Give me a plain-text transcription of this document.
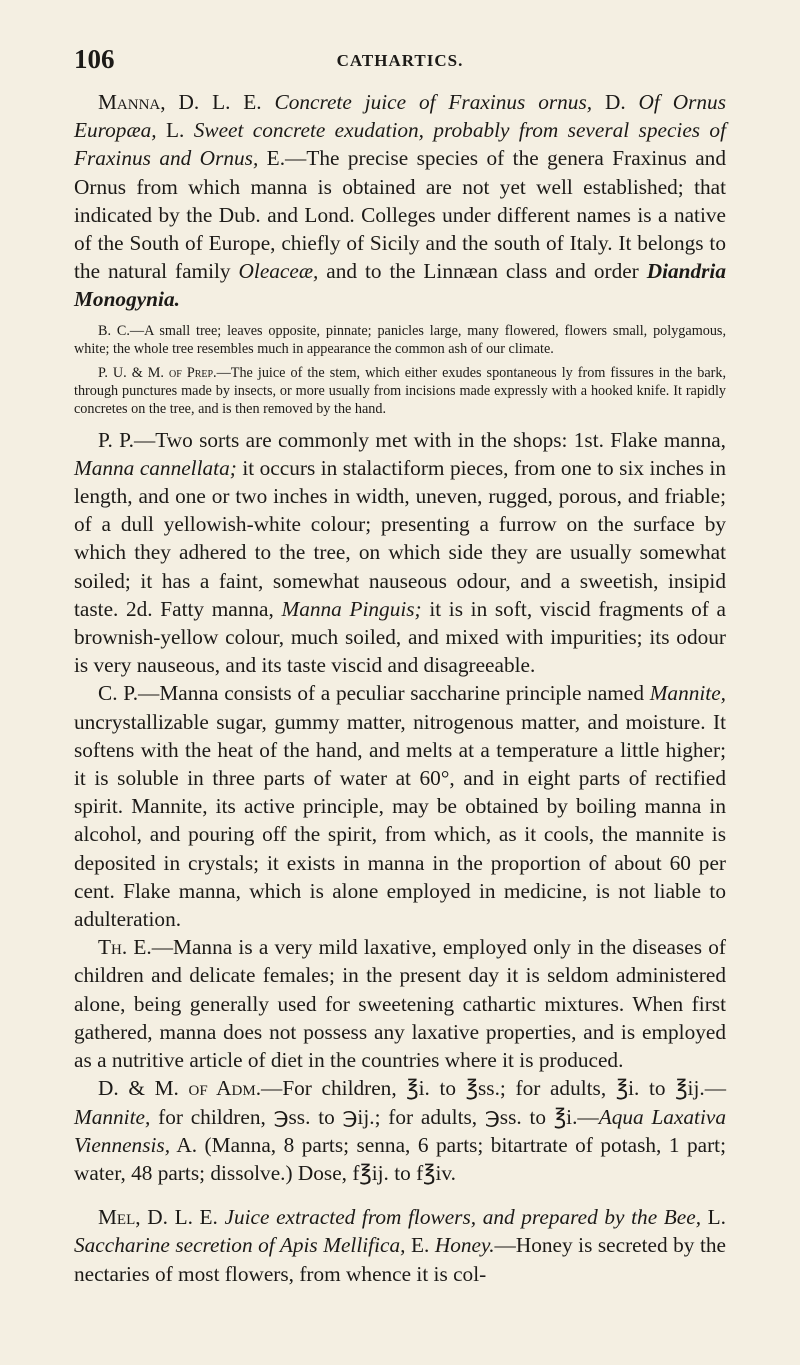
106	CATHARTICS.

Manna, D. L. E. Concrete juice of Fraxinus ornus, D. Of Ornus Europæa, L. Sweet concrete exudation, probably from several species of Fraxinus and Ornus, E.—The precise species of the genera Fraxinus and Ornus from which manna is obtained are not yet well established; that indicated by the Dub. and Lond. Colleges under different names is a native of the South of Europe, chiefly of Sicily and the south of Italy. It belongs to the natural family Oleaceæ, and to the Linnæan class and order Diandria Monogynia.

B. C.—A small tree; leaves opposite, pinnate; panicles large, many flowered, flowers small, polygamous, white; the whole tree resembles much in appearance the common ash of our climate.

P. U. & M. of Prep.—The juice of the stem, which either exudes spontaneous ly from fissures in the bark, through punctures made by insects, or more usually from incisions made expressly with a hooked knife. It rapidly concretes on the tree, and is then removed by the hand.

P. P.—Two sorts are commonly met with in the shops: 1st. Flake manna, Manna cannellata; it occurs in stalactiform pieces, from one to six inches in length, and one or two inches in width, uneven, rugged, porous, and friable; of a dull yellowish-white colour; presenting a furrow on the surface by which they adhered to the tree, on which side they are usually somewhat soiled; it has a faint, somewhat nauseous odour, and a sweetish, insipid taste. 2d. Fatty manna, Manna Pinguis; it is in soft, viscid fragments of a brownish-yellow colour, much soiled, and mixed with impurities; its odour is very nauseous, and its taste viscid and disagreeable.

C. P.—Manna consists of a peculiar saccharine principle named Mannite, uncrystallizable sugar, gummy matter, nitrogenous matter, and moisture. It softens with the heat of the hand, and melts at a temperature a little higher; it is soluble in three parts of water at 60°, and in eight parts of rectified spirit. Mannite, its active principle, may be obtained by boiling manna in alcohol, and pouring off the spirit, from which, as it cools, the mannite is deposited in crystals; it exists in manna in the proportion of about 60 per cent. Flake manna, which is alone employed in medicine, is not liable to adulteration.

Th. E.—Manna is a very mild laxative, employed only in the diseases of children and delicate females; in the present day it is seldom administered alone, being generally used for sweetening cathartic mixtures. When first gathered, manna does not possess any laxative properties, and is employed as a nutritive article of diet in the countries where it is produced.

D. & M. of Adm.—For children, ℥i. to ℥ss.; for adults, ℥i. to ℥ij.—Mannite, for children, ℈ss. to ℈ij.; for adults, ℈ss. to ℥i.—Aqua Laxativa Viennensis, A. (Manna, 8 parts; senna, 6 parts; bitartrate of potash, 1 part; water, 48 parts; dissolve.) Dose, f℥ij. to f℥iv.

Mel, D. L. E. Juice extracted from flowers, and prepared by the Bee, L. Saccharine secretion of Apis Mellifica, E. Honey.—Honey is secreted by the nectaries of most flowers, from whence it is col-
